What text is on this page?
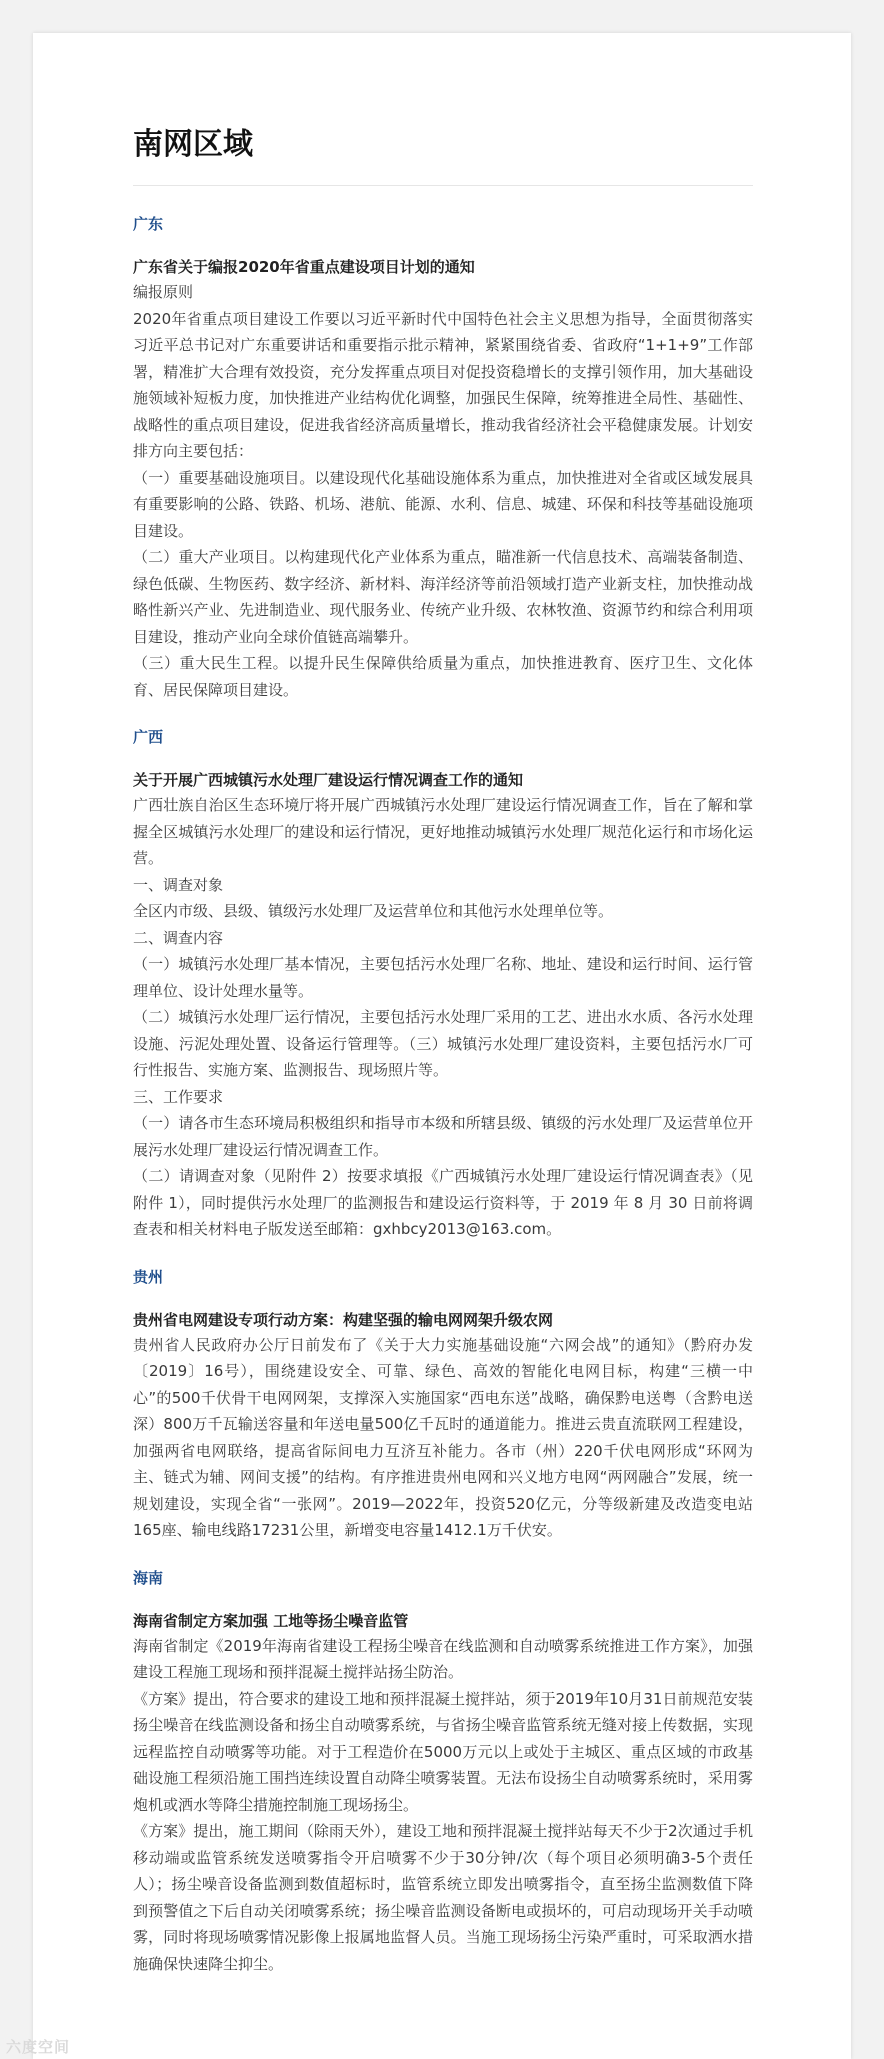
南网区域
广东

广东省关于编报2020年省重点建设项目计划的通知

编报原则

2020年省重点项目建设工作要以习近平新时代中国特色社会主义思想为指导，全面贯彻落实习近平总书记对广东重要讲话和重要指示批示精神，紧紧围绕省委、省政府“1+1+9”工作部署，精准扩大合理有效投资，充分发挥重点项目对促投资稳增长的支撑引领作用，加大基础设施领域补短板力度，加快推进产业结构优化调整，加强民生保障，统筹推进全局性、基础性、战略性的重点项目建设，促进我省经济高质量增长，推动我省经济社会平稳健康发展。计划安排方向主要包括：

（一）重要基础设施项目。以建设现代化基础设施体系为重点，加快推进对全省或区域发展具有重要影响的公路、铁路、机场、港航、能源、水利、信息、城建、环保和科技等基础设施项目建设。

（二）重大产业项目。以构建现代化产业体系为重点，瞄准新一代信息技术、高端装备制造、绿色低碳、生物医药、数字经济、新材料、海洋经济等前沿领域打造产业新支柱，加快推动战略性新兴产业、先进制造业、现代服务业、传统产业升级、农林牧渔、资源节约和综合利用项目建设，推动产业向全球价值链高端攀升。

（三）重大民生工程。以提升民生保障供给质量为重点，加快推进教育、医疗卫生、文化体育、居民保障项目建设。

广西

关于开展广西城镇污水处理厂建设运行情况调查工作的通知

广西壮族自治区生态环境厅将开展广西城镇污水处理厂建设运行情况调查工作，旨在了解和掌握全区城镇污水处理厂的建设和运行情况，更好地推动城镇污水处理厂规范化运行和市场化运营。

一、调查对象

全区内市级、县级、镇级污水处理厂及运营单位和其他污水处理单位等。

二、调查内容

（一）城镇污水处理厂基本情况，主要包括污水处理厂名称、地址、建设和运行时间、运行管理单位、设计处理水量等。

（二）城镇污水处理厂运行情况，主要包括污水处理厂采用的工艺、进出水水质、各污水处理设施、污泥处理处置、设备运行管理等。（三）城镇污水处理厂建设资料，主要包括污水厂可行性报告、实施方案、监测报告、现场照片等。

三、工作要求

（一）请各市生态环境局积极组织和指导市本级和所辖县级、镇级的污水处理厂及运营单位开展污水处理厂建设运行情况调查工作。

（二）请调查对象（见附件 2）按要求填报《广西城镇污水处理厂建设运行情况调查表》（见附件 1），同时提供污水处理厂的监测报告和建设运行资料等，于 2019 年 8 月 30 日前将调查表和相关材料电子版发送至邮箱：gxhbcy2013@163.com。

贵州

贵州省电网建设专项行动方案：构建坚强的输电网网架升级农网

贵州省人民政府办公厅日前发布了《关于大力实施基础设施“六网会战”的通知》（黔府办发〔2019〕16号），围绕建设安全、可靠、绿色、高效的智能化电网目标，构建“三横一中心”的500千伏骨干电网网架，支撑深入实施国家“西电东送”战略，确保黔电送粤（含黔电送深）800万千瓦输送容量和年送电量500亿千瓦时的通道能力。推进云贵直流联网工程建设，加强两省电网联络，提高省际间电力互济互补能力。各市（州）220千伏电网形成“环网为主、链式为辅、网间支援”的结构。有序推进贵州电网和兴义地方电网“两网融合”发展，统一规划建设，实现全省“一张网”。2019—2022年，投资520亿元，分等级新建及改造变电站165座、输电线路17231公里，新增变电容量1412.1万千伏安。

海南

海南省制定方案加强 工地等扬尘噪音监管

海南省制定《2019年海南省建设工程扬尘噪音在线监测和自动喷雾系统推进工作方案》，加强建设工程施工现场和预拌混凝土搅拌站扬尘防治。

《方案》提出，符合要求的建设工地和预拌混凝土搅拌站，须于2019年10月31日前规范安装扬尘噪音在线监测设备和扬尘自动喷雾系统，与省扬尘噪音监管系统无缝对接上传数据，实现远程监控自动喷雾等功能。对于工程造价在5000万元以上或处于主城区、重点区域的市政基础设施工程须沿施工围挡连续设置自动降尘喷雾装置。无法布设扬尘自动喷雾系统时，采用雾炮机或洒水等降尘措施控制施工现场扬尘。

《方案》提出，施工期间（除雨天外），建设工地和预拌混凝土搅拌站每天不少于2次通过手机移动端或监管系统发送喷雾指令开启喷雾不少于30分钟/次（每个项目必须明确3-5个责任人）；扬尘噪音设备监测到数值超标时，监管系统立即发出喷雾指令，直至扬尘监测数值下降到预警值之下后自动关闭喷雾系统；扬尘噪音监测设备断电或损坏的，可启动现场开关手动喷雾，同时将现场喷雾情况影像上报属地监督人员。当施工现场扬尘污染严重时，可采取洒水措施确保快速降尘抑尘。

六度空间
